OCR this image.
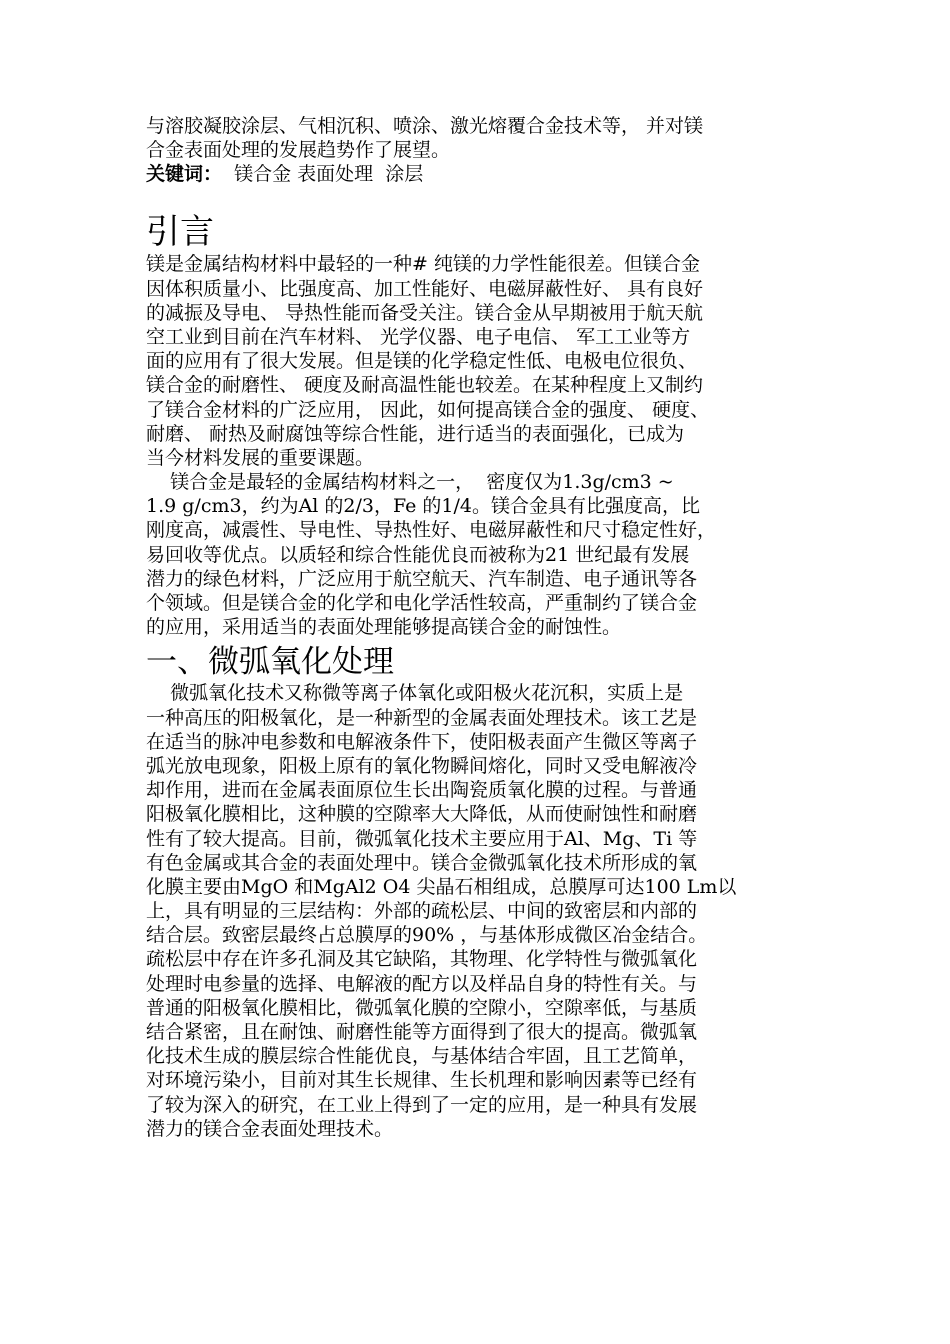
与溶胶凝胶涂层、气相沉积、喷涂、激光熔覆合金技术等， 并对镁
合金表面处理的发展趋势作了展望。
关键词：  镁合金 表面处理  涂层
引言
镁是金属结构材料中最轻的一种# 纯镁的力学性能很差。但镁合金
因体积质量小、比强度高、加工性能好、电磁屏蔽性好、 具有良好
的减振及导电、 导热性能而备受关注。镁合金从早期被用于航天航
空工业到目前在汽车材料、 光学仪器、电子电信、 军工工业等方
面的应用有了很大发展。但是镁的化学稳定性低、电极电位很负、
镁合金的耐磨性、 硬度及耐高温性能也较差。在某种程度上又制约
了镁合金材料的广泛应用， 因此，如何提高镁合金的强度、 硬度、
耐磨、 耐热及耐腐蚀等综合性能，进行适当的表面强化，已成为
当今材料发展的重要课题。
镁合金是最轻的金属结构材料之一，  密度仅为1.3g/cm3 ~
1.9 g/cm3，约为Al 的2/3，Fe 的1/4。镁合金具有比强度高，比
刚度高，减震性、导电性、导热性好、电磁屏蔽性和尺寸稳定性好，
易回收等优点。以质轻和综合性能优良而被称为21 世纪最有发展
潜力的绿色材料，广泛应用于航空航天、汽车制造、电子通讯等各
个领域。但是镁合金的化学和电化学活性较高，严重制约了镁合金
的应用，采用适当的表面处理能够提高镁合金的耐蚀性。
一、微弧氧化处理
微弧氧化技术又称微等离子体氧化或阳极火花沉积，实质上是
一种高压的阳极氧化，是一种新型的金属表面处理技术。该工艺是
在适当的脉冲电参数和电解液条件下，使阳极表面产生微区等离子
弧光放电现象，阳极上原有的氧化物瞬间熔化，同时又受电解液冷
却作用，进而在金属表面原位生长出陶瓷质氧化膜的过程。与普通
阳极氧化膜相比，这种膜的空隙率大大降低，从而使耐蚀性和耐磨
性有了较大提高。目前，微弧氧化技术主要应用于Al、Mg、Ti 等
有色金属或其合金的表面处理中。镁合金微弧氧化技术所形成的氧
化膜主要由MgO 和MgAl2 O4 尖晶石相组成，总膜厚可达100 Lm以
上，具有明显的三层结构：外部的疏松层、中间的致密层和内部的
结合层。致密层最终占总膜厚的90% ，与基体形成微区冶金结合。
疏松层中存在许多孔洞及其它缺陷，其物理、化学特性与微弧氧化
处理时电参量的选择、电解液的配方以及样品自身的特性有关。与
普通的阳极氧化膜相比，微弧氧化膜的空隙小，空隙率低，与基质
结合紧密，且在耐蚀、耐磨性能等方面得到了很大的提高。微弧氧
化技术生成的膜层综合性能优良，与基体结合牢固，且工艺简单，
对环境污染小，目前对其生长规律、生长机理和影响因素等已经有
了较为深入的研究，在工业上得到了一定的应用，是一种具有发展
潜力的镁合金表面处理技术。
